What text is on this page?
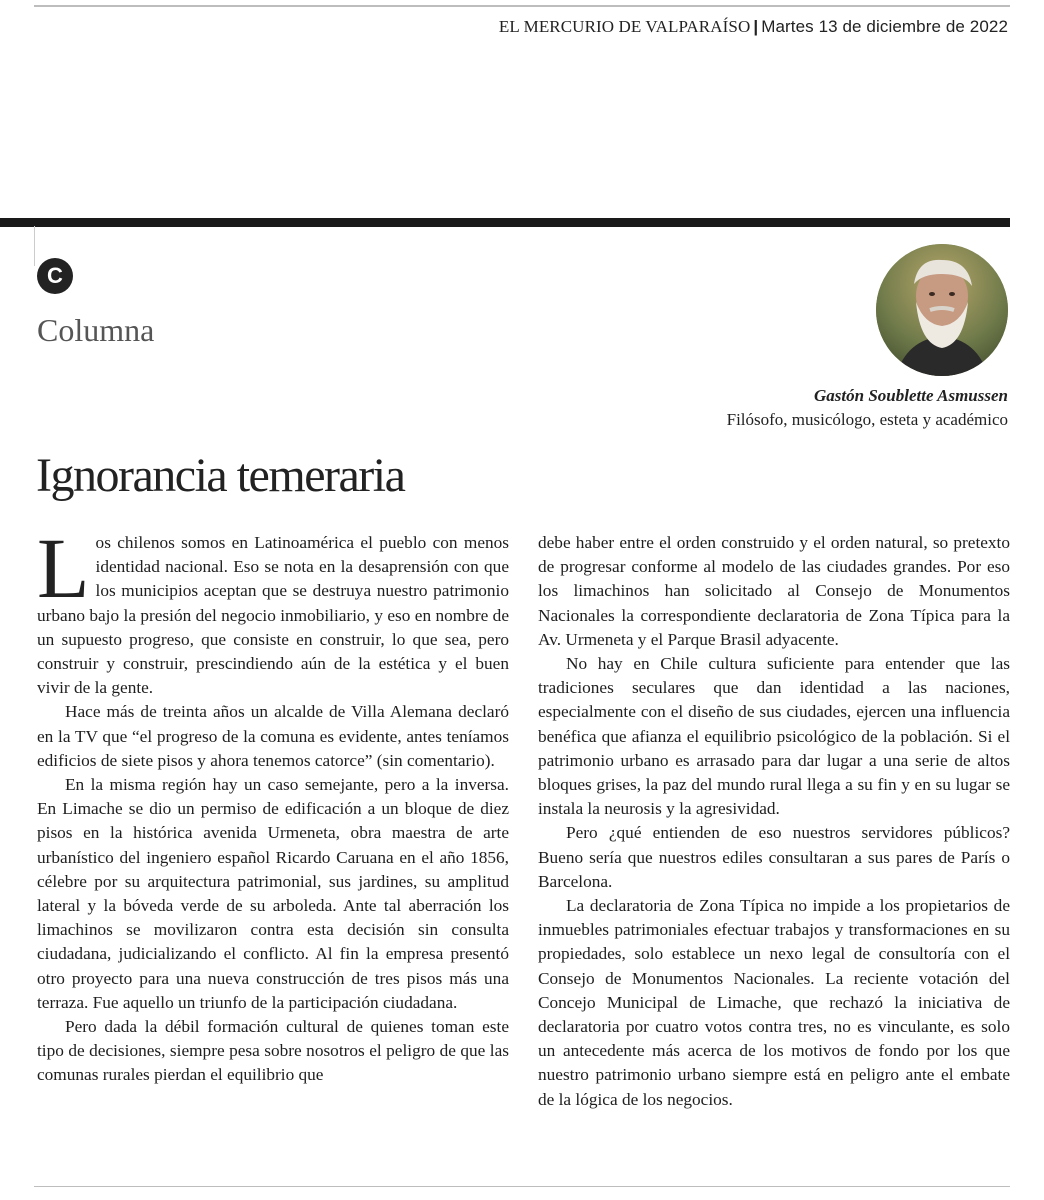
EL MERCURIO DE VALPARAÍSO | Martes 13 de diciembre de 2022
C
Columna
Gastón Soublette Asmussen
Filósofo, musicólogo, esteta y académico
Ignorancia temeraria

Los chilenos somos en Latinoamérica el pueblo con menos identidad nacional. Eso se nota en la desaprensión con que los municipios aceptan que se destruya nuestro patrimonio urbano bajo la presión del negocio inmobiliario, y eso en nombre de un supuesto progreso, que consiste en construir, lo que sea, pero construir y construir, prescindiendo aún de la estética y el buen vivir de la gente.

Hace más de treinta años un alcalde de Villa Alemana declaró en la TV que “el progreso de la comuna es evidente, antes teníamos edificios de siete pisos y ahora tenemos catorce” (sin comentario).

En la misma región hay un caso semejante, pero a la inversa. En Limache se dio un permiso de edificación a un bloque de diez pisos en la histórica avenida Urmeneta, obra maestra de arte urbanístico del ingeniero español Ricardo Caruana en el año 1856, célebre por su arquitectura patrimonial, sus jardines, su amplitud lateral y la bóveda verde de su arboleda. Ante tal aberración los limachinos se movilizaron contra esta decisión sin consulta ciudadana, judicializando el conflicto. Al fin la empresa presentó otro proyecto para una nueva construcción de tres pisos más una terraza. Fue aquello un triunfo de la participación ciudadana.

Pero dada la débil formación cultural de quienes toman este tipo de decisiones, siempre pesa sobre nosotros el peligro de que las comunas rurales pierdan el equilibrio que

debe haber entre el orden construido y el orden natural, so pretexto de progresar conforme al modelo de las ciudades grandes. Por eso los limachinos han solicitado al Consejo de Monumentos Nacionales la correspondiente declaratoria de Zona Típica para la Av. Urmeneta y el Parque Brasil adyacente.

No hay en Chile cultura suficiente para entender que las tradiciones seculares que dan identidad a las naciones, especialmente con el diseño de sus ciudades, ejercen una influencia benéfica que afianza el equilibrio psicológico de la población. Si el patrimonio urbano es arrasado para dar lugar a una serie de altos bloques grises, la paz del mundo rural llega a su fin y en su lugar se instala la neurosis y la agresividad.

Pero ¿qué entienden de eso nuestros servidores públicos? Bueno sería que nuestros ediles consultaran a sus pares de París o Barcelona.

La declaratoria de Zona Típica no impide a los propietarios de inmuebles patrimoniales efectuar trabajos y transformaciones en su propiedades, solo establece un nexo legal de consultoría con el Consejo de Monumentos Nacionales. La reciente votación del Concejo Municipal de Limache, que rechazó la iniciativa de declaratoria por cuatro votos contra tres, no es vinculante, es solo un antecedente más acerca de los motivos de fondo por los que nuestro patrimonio urbano siempre está en peligro ante el embate de la lógica de los negocios.
